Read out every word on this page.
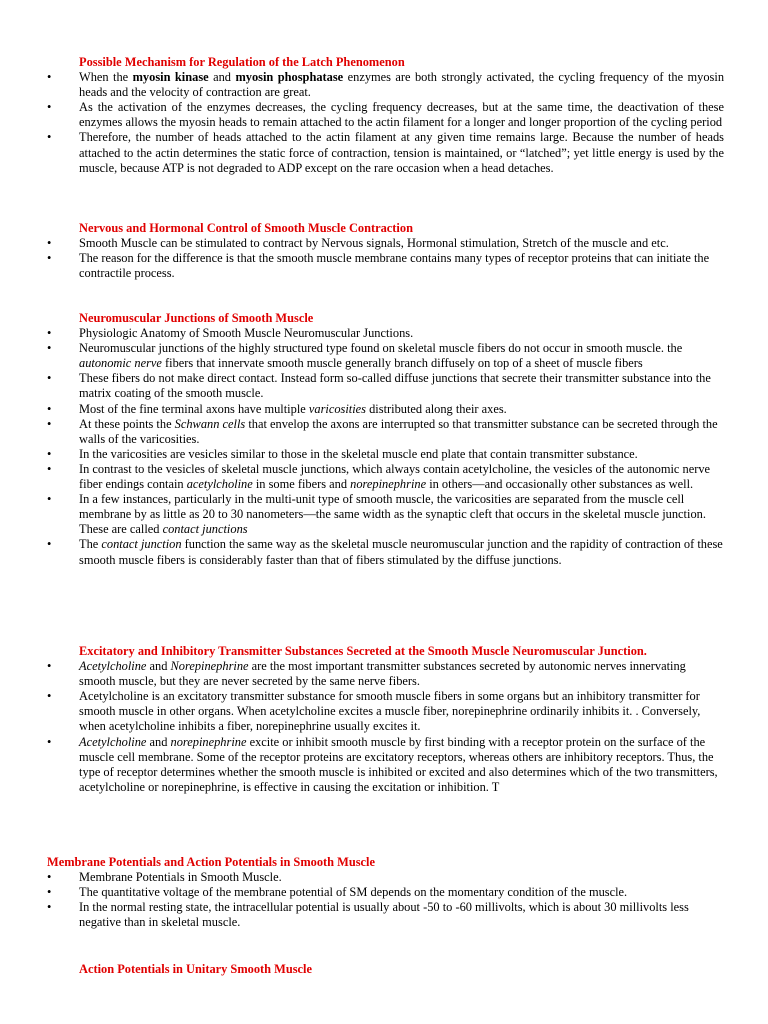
Possible Mechanism for Regulation of the Latch Phenomenon

• When the myosin kinase and myosin phosphatase enzymes are both strongly activated, the cycling frequency of the myosin heads and the velocity of contraction are great.
• As the activation of the enzymes decreases, the cycling frequency decreases, but at the same time, the deactivation of these enzymes allows the myosin heads to remain attached to the actin filament for a longer and longer proportion of the cycling period
• Therefore, the number of heads attached to the actin filament at any given time remains large. Because the number of heads attached to the actin determines the static force of contraction, tension is maintained, or “latched”; yet little energy is used by the muscle, because ATP is not degraded to ADP except on the rare occasion when a head detaches.

Nervous and Hormonal Control of Smooth Muscle Contraction

• Smooth Muscle can be stimulated to contract by Nervous signals, Hormonal stimulation, Stretch of the muscle and etc.
• The reason for the difference is that the smooth muscle membrane contains many types of receptor proteins that can initiate the contractile process.

Neuromuscular Junctions of Smooth Muscle

• Physiologic Anatomy of Smooth Muscle Neuromuscular Junctions.
• Neuromuscular junctions of the highly structured type found on skeletal muscle fibers do not occur in smooth muscle. the autonomic nerve fibers that innervate smooth muscle generally branch diffusely on top of a sheet of muscle fibers
• These fibers do not make direct contact. Instead form so-called diffuse junctions that secrete their transmitter substance into the matrix coating of the smooth muscle.
• Most of the fine terminal axons have multiple varicosities distributed along their axes.
• At these points the Schwann cells that envelop the axons are interrupted so that transmitter substance can be secreted through the walls of the varicosities.
• In the varicosities are vesicles similar to those in the skeletal muscle end plate that contain transmitter substance.
• In contrast to the vesicles of skeletal muscle junctions, which always contain acetylcholine, the vesicles of the autonomic nerve fiber endings contain acetylcholine in some fibers and norepinephrine in others—and occasionally other substances as well.
• In a few instances, particularly in the multi-unit type of smooth muscle, the varicosities are separated from the muscle cell membrane by as little as 20 to 30 nanometers—the same width as the synaptic cleft that occurs in the skeletal muscle junction. These are called contact junctions
• The contact junction function the same way as the skeletal muscle neuromuscular junction and the rapidity of contraction of these smooth muscle fibers is considerably faster than that of fibers stimulated by the diffuse junctions.

Excitatory and Inhibitory Transmitter Substances Secreted at the Smooth Muscle Neuromuscular Junction.

• Acetylcholine and Norepinephrine are the most important transmitter substances secreted by autonomic nerves innervating smooth muscle, but they are never secreted by the same nerve fibers.
• Acetylcholine is an excitatory transmitter substance for smooth muscle fibers in some organs but an inhibitory transmitter for smooth muscle in other organs. When acetylcholine excites a muscle fiber, norepinephrine ordinarily inhibits it. . Conversely, when acetylcholine inhibits a fiber, norepinephrine usually excites it.
• Acetylcholine and norepinephrine excite or inhibit smooth muscle by first binding with a receptor protein on the surface of the muscle cell membrane. Some of the receptor proteins are excitatory receptors, whereas others are inhibitory receptors. Thus, the type of receptor determines whether the smooth muscle is inhibited or excited and also determines which of the two transmitters, acetylcholine or norepinephrine, is effective in causing the excitation or inhibition. T

Membrane Potentials and Action Potentials in Smooth Muscle

• Membrane Potentials in Smooth Muscle.
• The quantitative voltage of the membrane potential of SM depends on the momentary condition of the muscle.
• In the normal resting state, the intracellular potential is usually about -50 to -60 millivolts, which is about 30 millivolts less negative than in skeletal muscle.

Action Potentials in Unitary Smooth Muscle
